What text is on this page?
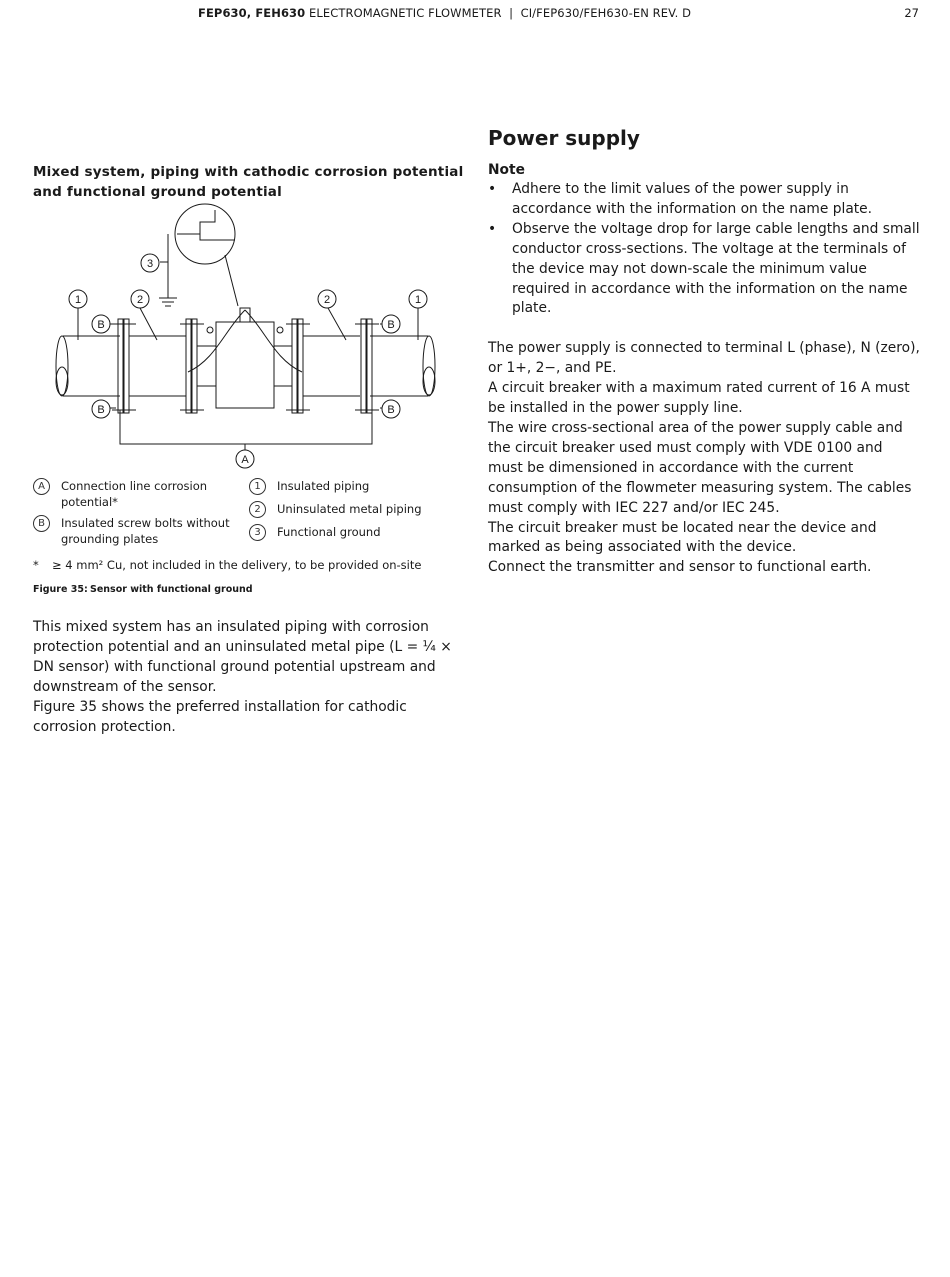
FEP630, FEH630 ELECTROMAGNETIC FLOWMETER | CI/FEP630/FEH630-EN REV. D	27

Mixed system, piping with cathodic corrosion potential and functional ground potential

3
1	2	2	1
B	B
B	B
A
A	Connection line corrosion potential*
B	Insulated screw bolts without grounding plates
1	Insulated piping
2	Uninsulated metal piping
3	Functional ground
* ≥ 4 mm² Cu, not included in the delivery, to be provided on-site
Figure 35: Sensor with functional ground

This mixed system has an insulated piping with corrosion protection potential and an uninsulated metal pipe (L = ¼ × DN sensor) with functional ground potential upstream and downstream of the sensor.

Figure 35 shows the preferred installation for cathodic corrosion protection.

Power supply

Note

• Adhere to the limit values of the power supply in accordance with the information on the name plate.
• Observe the voltage drop for large cable lengths and small conductor cross-sections. The voltage at the terminals of the device may not down-scale the minimum value required in accordance with the information on the name plate.

The power supply is connected to terminal L (phase), N (zero), or 1+, 2−, and PE.

A circuit breaker with a maximum rated current of 16 A must be installed in the power supply line.

The wire cross-sectional area of the power supply cable and the circuit breaker used must comply with VDE 0100 and must be dimensioned in accordance with the current consumption of the flowmeter measuring system. The cables must comply with IEC 227 and/or IEC 245.

The circuit breaker must be located near the device and marked as being associated with the device.

Connect the transmitter and sensor to functional earth.
